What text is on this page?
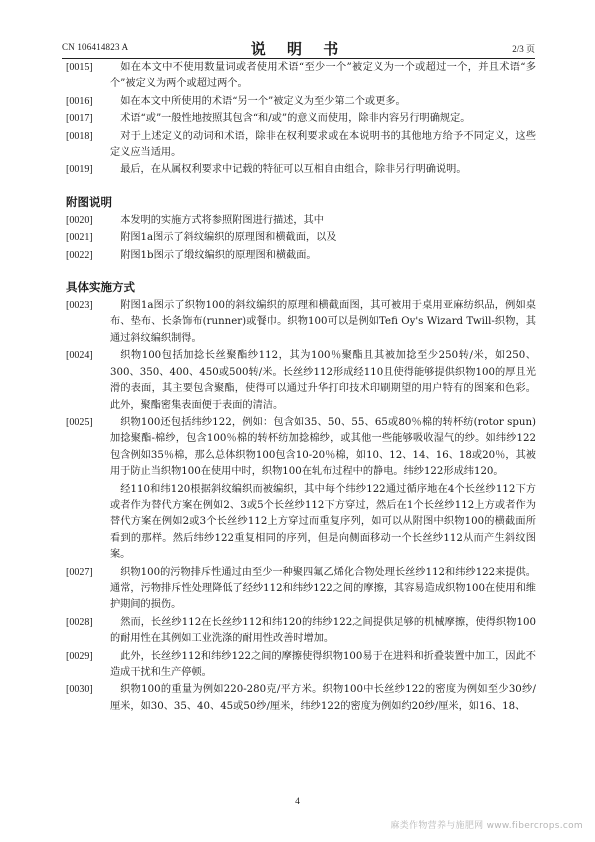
CN 106414823 A	说 明 书	2/3 页
[0015]	如在本文中不使用数量词或者使用术语“至少一个”被定义为一个或超过一个，并且术语“多个”被定义为两个或超过两个。
[0016]	如在本文中所使用的术语“另一个”被定义为至少第二个或更多。
[0017]	术语“或”一般性地按照其包含“和/或”的意义而使用，除非内容另行明确规定。
[0018]	对于上述定义的动词和术语，除非在权利要求或在本说明书的其他地方给予不同定义，这些定义应当适用。
[0019]	最后，在从属权利要求中记载的特征可以互相自由组合，除非另行明确说明。
附图说明
[0020]	本发明的实施方式将参照附图进行描述，其中
[0021]	附图1a图示了斜纹编织的原理图和横截面，以及
[0022]	附图1b图示了缎纹编织的原理图和横截面。
具体实施方式
[0023]	附图1a图示了织物100的斜纹编织的原理和横截面图，其可被用于桌用亚麻纺织品，例如桌布、垫布、长条饰布(runner)或餐巾。织物100可以是例如Tefi Oy's Wizard Twill-织物，其通过斜纹编织制得。
[0024]	织物100包括加捻长丝聚酯纱112，其为100％聚酯且其被加捻至少250转/米，如250、300、350、400、450或500转/米。长丝纱112形成经110且使得能够提供织物100的厚且光滑的表面，其主要包含聚酯，使得可以通过升华打印技术印刷期望的用户特有的图案和色彩。此外，聚酯密集表面便于表面的清洁。
[0025]	织物100还包括纬纱122，例如：包含如35、50、55、65或80％棉的转杯纺(rotor spun)加捻聚酯-棉纱，包含100％棉的转杯纺加捻棉纱，或其他一些能够吸收湿气的纱。如纬纱122包含例如35％棉，那么总体织物100包含10-20％棉，如10、12、14、16、18或20％，其被用于防止当织物100在使用中时，织物100在轧布过程中的静电。纬纱122形成纬120。
经110和纬120根据斜纹编织而被编织，其中每个纬纱122通过循序地在4个长丝纱112下方或者作为替代方案在例如2、3或5个长丝纱112下方穿过，然后在1个长丝纱112上方或者作为替代方案在例如2或3个长丝纱112上方穿过而重复序列，如可以从附图中织物100的横截面所看到的那样。然后纬纱122重复相同的序列，但是向侧面移动一个长丝纱112从而产生斜纹图案。
[0027]	织物100的污物排斥性通过由至少一种聚四氟乙烯化合物处理长丝纱112和纬纱122来提供。通常，污物排斥性处理降低了经纱112和纬纱122之间的摩擦，其容易造成织物100在使用和维护期间的损伤。
[0028]	然而，长丝纱112在长丝纱112和纬120的纬纱122之间提供足够的机械摩擦，使得织物100的耐用性在其例如工业洗涤的耐用性改善时增加。
[0029]	此外，长丝纱112和纬纱122之间的摩擦使得织物100易于在进料和折叠装置中加工，因此不造成干扰和生产停顿。
[0030]	织物100的重量为例如220-280克/平方米。织物100中长丝纱122的密度为例如至少30纱/厘米，如30、35、40、45或50纱/厘米，纬纱122的密度为例如约20纱/厘米，如16、18、
4
麻类作物营养与施肥网 www.fibercrops.com
